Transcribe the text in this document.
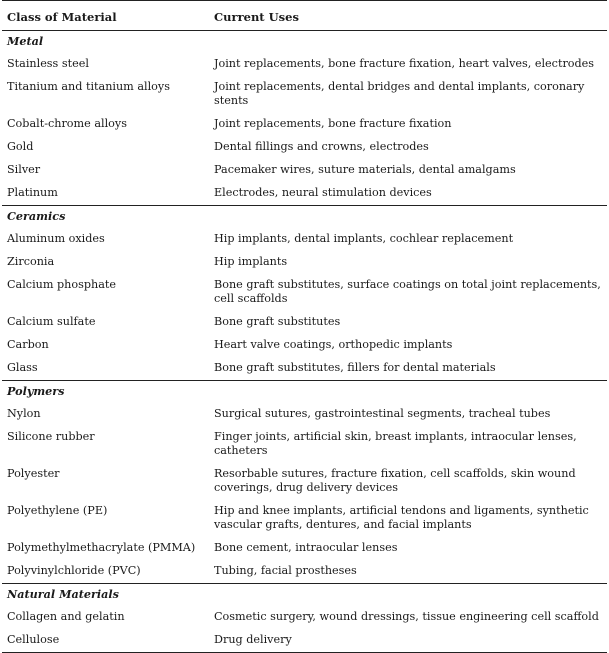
Class of Material	Current Uses
Metal	
Stainless steel	Joint replacements, bone fracture fixation, heart valves, electrodes
Titanium and titanium alloys	Joint replacements, dental bridges and dental implants, coronary stents
Cobalt-chrome alloys	Joint replacements, bone fracture fixation
Gold	Dental fillings and crowns, electrodes
Silver	Pacemaker wires, suture materials, dental amalgams
Platinum	Electrodes, neural stimulation devices
Ceramics	
Aluminum oxides	Hip implants, dental implants, cochlear replacement
Zirconia	Hip implants
Calcium phosphate	Bone graft substitutes, surface coatings on total joint replacements, cell scaffolds
Calcium sulfate	Bone graft substitutes
Carbon	Heart valve coatings, orthopedic implants
Glass	Bone graft substitutes, fillers for dental materials
Polymers	
Nylon	Surgical sutures, gastrointestinal segments, tracheal tubes
Silicone rubber	Finger joints, artificial skin, breast implants, intraocular lenses, catheters
Polyester	Resorbable sutures, fracture fixation, cell scaffolds, skin wound coverings, drug delivery devices
Polyethylene (PE)	Hip and knee implants, artificial tendons and ligaments, synthetic vascular grafts, dentures, and facial implants
Polymethylmethacrylate (PMMA)	Bone cement, intraocular lenses
Polyvinylchloride (PVC)	Tubing, facial prostheses
Natural Materials	
Collagen and gelatin	Cosmetic surgery, wound dressings, tissue engineering cell scaffold
Cellulose	Drug delivery
